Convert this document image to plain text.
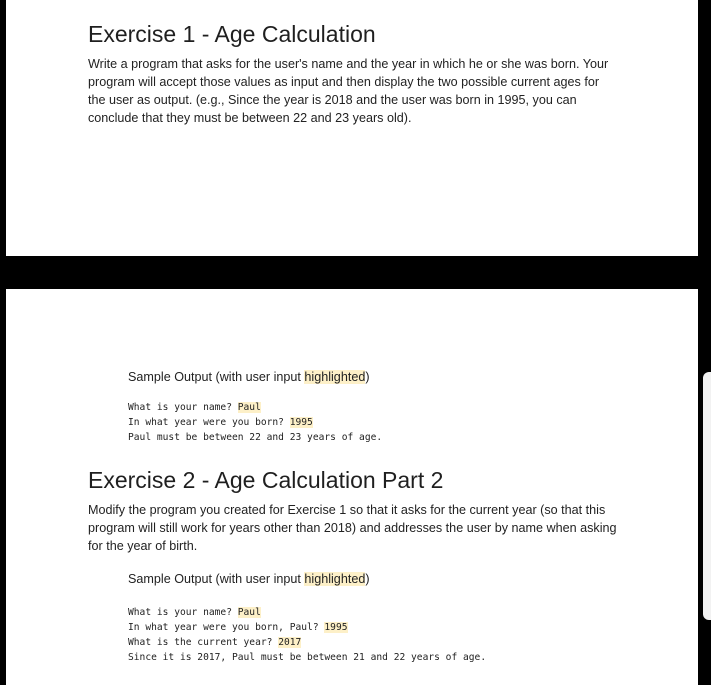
Exercise 1 - Age Calculation

Write a program that asks for the user's name and the year in which he or she was born. Your program will accept those values as input and then display the two possible current ages for the user as output. (e.g., Since the year is 2018 and the user was born in 1995, you can conclude that they must be between 22 and 23 years old).

Sample Output (with user input highlighted)
What is your name? Paul
In what year were you born? 1995
Paul must be between 22 and 23 years of age.
Exercise 2 - Age Calculation Part 2

Modify the program you created for Exercise 1 so that it asks for the current year (so that this program will still work for years other than 2018) and addresses the user by name when asking for the year of birth.

Sample Output (with user input highlighted)
What is your name? Paul
In what year were you born, Paul? 1995
What is the current year? 2017
Since it is 2017, Paul must be between 21 and 22 years of age.
